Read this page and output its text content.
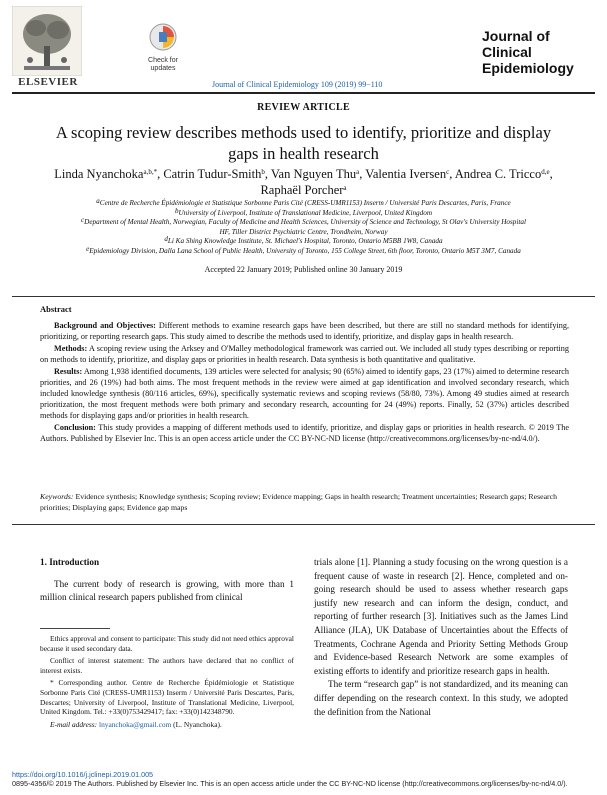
ELSEVIER
Check for updates
Journal of Clinical Epidemiology 109 (2019) 99−110
Journal of
Clinical
Epidemiology
REVIEW ARTICLE
A scoping review describes methods used to identify, prioritize and display gaps in health research
Linda Nyanchoka$^{a,b,*}$, Catrin Tudur-Smith$^b$, Van Nguyen Thu$^a$, Valentia Iversen$^c$, Andrea C. Tricco$^{d,e}$, Raphaël Porcher$^a$
$^a$Centre de Recherche Épidémiologie et Statistique Sorbonne Paris Cité (CRESS-UMR1153) Inserm / Université Paris Descartes, Paris, France
$^b$University of Liverpool, Institute of Translational Medicine, Liverpool, United Kingdom
$^c$Department of Mental Health, Norwegian, Faculty of Medicine and Health Sciences, University of Science and Technology, St Olav's University Hospital
HF, Tiller District Psychiatric Centre, Trondheim, Norway
$^d$Li Ka Shing Knowledge Institute, St. Michael's Hospital, Toronto, Ontario M5BB 1W8, Canada
$^e$Epidemiology Division, Dalla Lana School of Public Health, University of Toronto, 155 College Street, 6th floor, Toronto, Ontario M5T 3M7, Canada
Accepted 22 January 2019; Published online 30 January 2019
Abstract

Background and Objectives: Different methods to examine research gaps have been described, but there are still no standard methods for identifying, prioritizing, or reporting research gaps. This study aimed to describe the methods used to identify, prioritize, and display gaps in health research.

Methods: A scoping review using the Arksey and O'Malley methodological framework was carried out. We included all study types describing or reporting on methods to identify, prioritize, and display gaps or priorities in health research. Data synthesis is both quantitative and qualitative.

Results: Among 1,938 identified documents, 139 articles were selected for analysis; 90 (65%) aimed to identify gaps, 23 (17%) aimed to determine research priorities, and 26 (19%) had both aims. The most frequent methods in the review were aimed at gap identification and involved secondary research, which included knowledge synthesis (80/116 articles, 69%), specifically systematic reviews and scoping reviews (58/80, 73%). Among 49 studies aimed at research prioritization, the most frequent methods were both primary and secondary research, accounting for 24 (49%) reports. Finally, 52 (37%) articles described methods for displaying gaps and/or priorities in health research.

Conclusion: This study provides a mapping of different methods used to identify, prioritize, and display gaps or priorities in health research. © 2019 The Authors. Published by Elsevier Inc. This is an open access article under the CC BY-NC-ND license (http://creativecommons.org/licenses/by-nc-nd/4.0/).

Keywords: Evidence synthesis; Knowledge synthesis; Scoping review; Evidence mapping; Gaps in health research; Treatment uncertainties; Research gaps; Research priorities; Displaying gaps; Evidence gap maps
1. Introduction

The current body of research is growing, with more than 1 million clinical research papers published from clinical

Ethics approval and consent to participate: This study did not need ethics approval because it used secondary data.

Conflict of interest statement: The authors have declared that no conflict of interest exists.

* Corresponding author. Centre de Recherche Épidémiologie et Statistique Sorbonne Paris Cité (CRESS-UMR1153) Inserm / Université Paris Descartes, Paris, Descartes; University of Liverpool, Institute of Translational Medicine, Liverpool, United Kingdom. Tel.: +33(0)753429417; fax: +33(0)142348790.

E-mail address: lnyanchoka@gmail.com (L. Nyanchoka).

trials alone [1]. Planning a study focusing on the wrong question is a frequent cause of waste in research [2]. Hence, completed and on-going research should be used to assess whether research gaps justify new research and can inform the design, conduct, and reporting of further research [3]. Initiatives such as the James Lind Alliance (JLA), UK Database of Uncertainties about the Effects of Treatments, Cochrane Agenda and Priority Setting Methods Group and Evidence-based Research Network are some examples of existing efforts to identify and prioritize research gaps in health.

The term “research gap” is not standardized, and its meaning can differ depending on the research context. In this study, we adopted the definition from the National

https://doi.org/10.1016/j.jclinepi.2019.01.005
0895-4356/© 2019 The Authors. Published by Elsevier Inc. This is an open access article under the CC BY-NC-ND license (http://creativecommons.org/licenses/by-nc-nd/4.0/).
